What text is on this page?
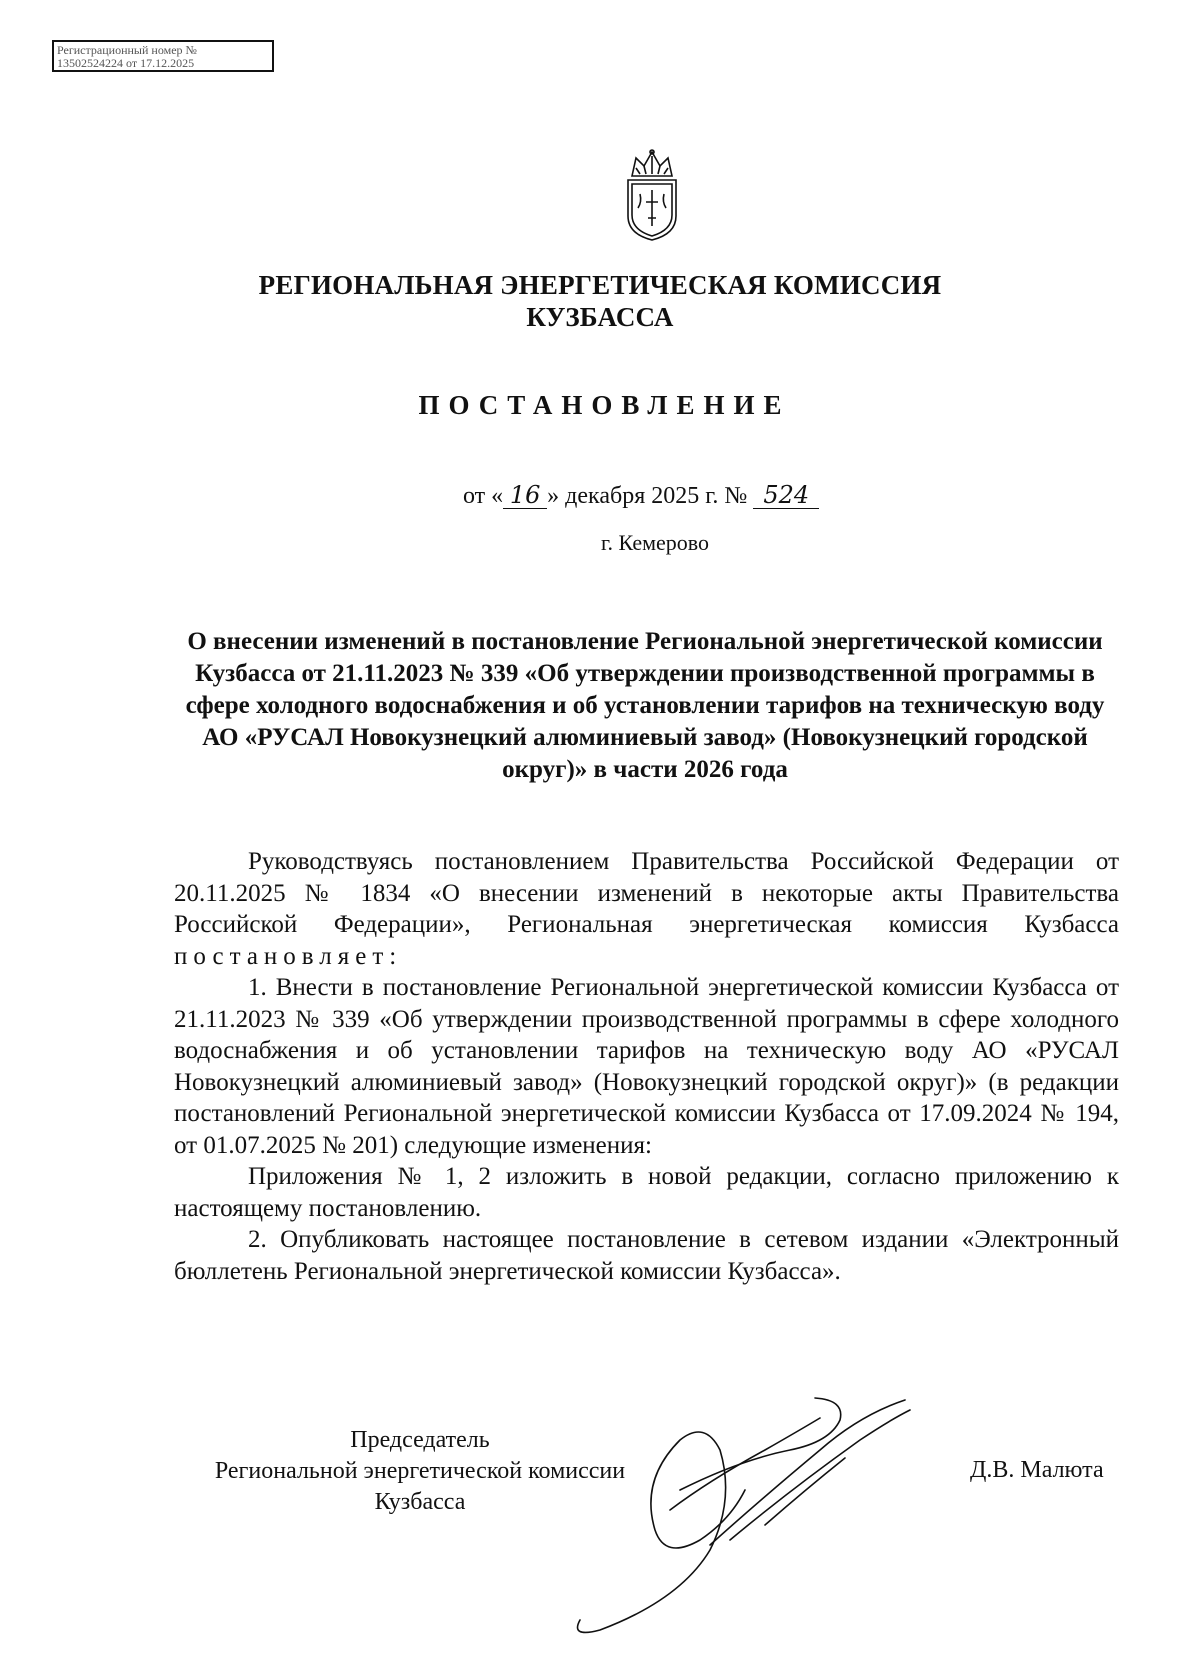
Регистрационный номер №
13502524224 от 17.12.2025
РЕГИОНАЛЬНАЯ ЭНЕРГЕТИЧЕСКАЯ КОМИССИЯ
КУЗБАССА
ПОСТАНОВЛЕНИЕ
от « 16 » декабря 2025 г. № 524
г. Кемерово
О внесении изменений в постановление Региональной энергетической комиссии Кузбасса от 21.11.2023 № 339 «Об утверждении производственной программы в сфере холодного водоснабжения и об установлении тарифов на техническую воду АО «РУСАЛ Новокузнецкий алюминиевый завод» (Новокузнецкий городской округ)» в части 2026 года

Руководствуясь постановлением Правительства Российской Федерации от 20.11.2025 № 1834 «О внесении изменений в некоторые акты Правительства Российской Федерации», Региональная энергетическая комиссия Кузбасса постановляет:

1. Внести в постановление Региональной энергетической комиссии Кузбасса от 21.11.2023 № 339 «Об утверждении производственной программы в сфере холодного водоснабжения и об установлении тарифов на техническую воду АО «РУСАЛ Новокузнецкий алюминиевый завод» (Новокузнецкий городской округ)» (в редакции постановлений Региональной энергетической комиссии Кузбасса от 17.09.2024 № 194, от 01.07.2025 № 201) следующие изменения:

Приложения № 1, 2 изложить в новой редакции, согласно приложению к настоящему постановлению.

2. Опубликовать настоящее постановление в сетевом издании «Электронный бюллетень Региональной энергетической комиссии Кузбасса».

Председатель
Региональной энергетической комиссии
Кузбасса
Д.В. Малюта
